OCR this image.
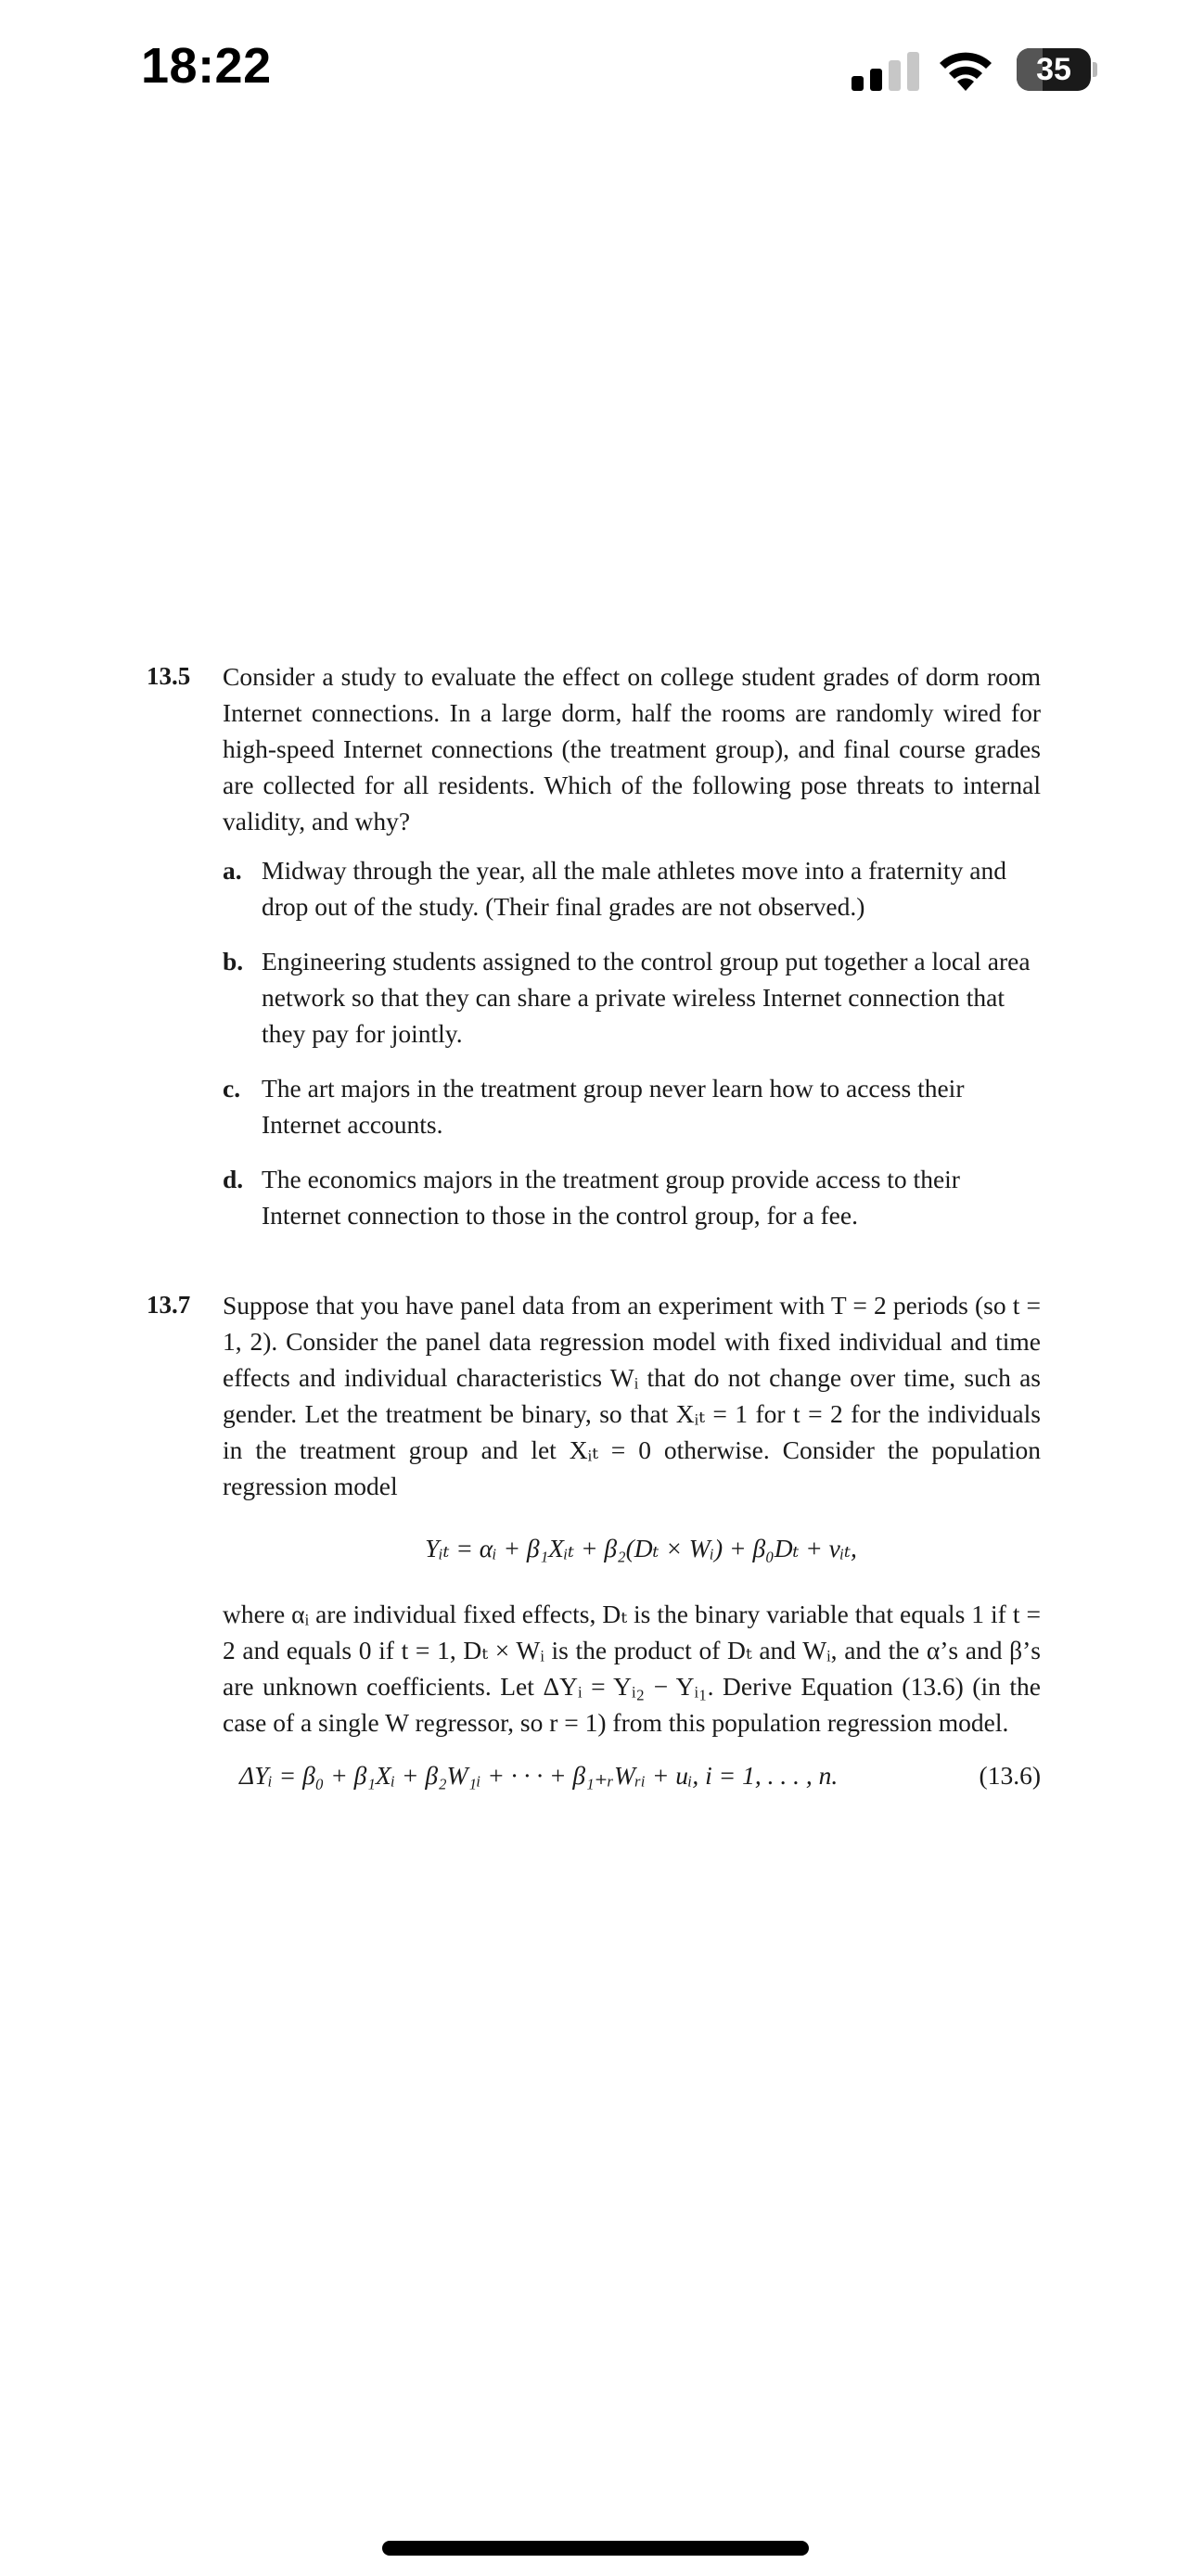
18:22	35
13.5 Consider a study to evaluate the effect on college student grades of dorm room Internet connections. In a large dorm, half the rooms are randomly wired for high-speed Internet connections (the treatment group), and final course grades are collected for all residents. Which of the following pose threats to internal validity, and why?

a. Midway through the year, all the male athletes move into a fraternity and drop out of the study. (Their final grades are not observed.)
b. Engineering students assigned to the control group put together a local area network so that they can share a private wireless Internet connection that they pay for jointly.
c. The art majors in the treatment group never learn how to access their Internet accounts.
d. The economics majors in the treatment group provide access to their Internet connection to those in the control group, for a fee.
13.7 Suppose that you have panel data from an experiment with T = 2 periods (so t = 1, 2). Consider the panel data regression model with fixed individual and time effects and individual characteristics Wᵢ that do not change over time, such as gender. Let the treatment be binary, so that Xᵢₜ = 1 for t = 2 for the individuals in the treatment group and let Xᵢₜ = 0 otherwise. Consider the population regression model

Yᵢₜ = αᵢ + β₁Xᵢₜ + β₂(Dₜ × Wᵢ) + β₀Dₜ + vᵢₜ,

where αᵢ are individual fixed effects, Dₜ is the binary variable that equals 1 if t = 2 and equals 0 if t = 1, Dₜ × Wᵢ is the product of Dₜ and Wᵢ, and the α’s and β’s are unknown coefficients. Let ΔYᵢ = Yᵢ₂ − Yᵢ₁. Derive Equation (13.6) (in the case of a single W regressor, so r = 1) from this population regression model.

ΔYᵢ = β₀ + β₁Xᵢ + β₂W₁ᵢ + · · · + β₁₊ᵣWᵣᵢ + uᵢ, i = 1, . . . , n.	(13.6)
